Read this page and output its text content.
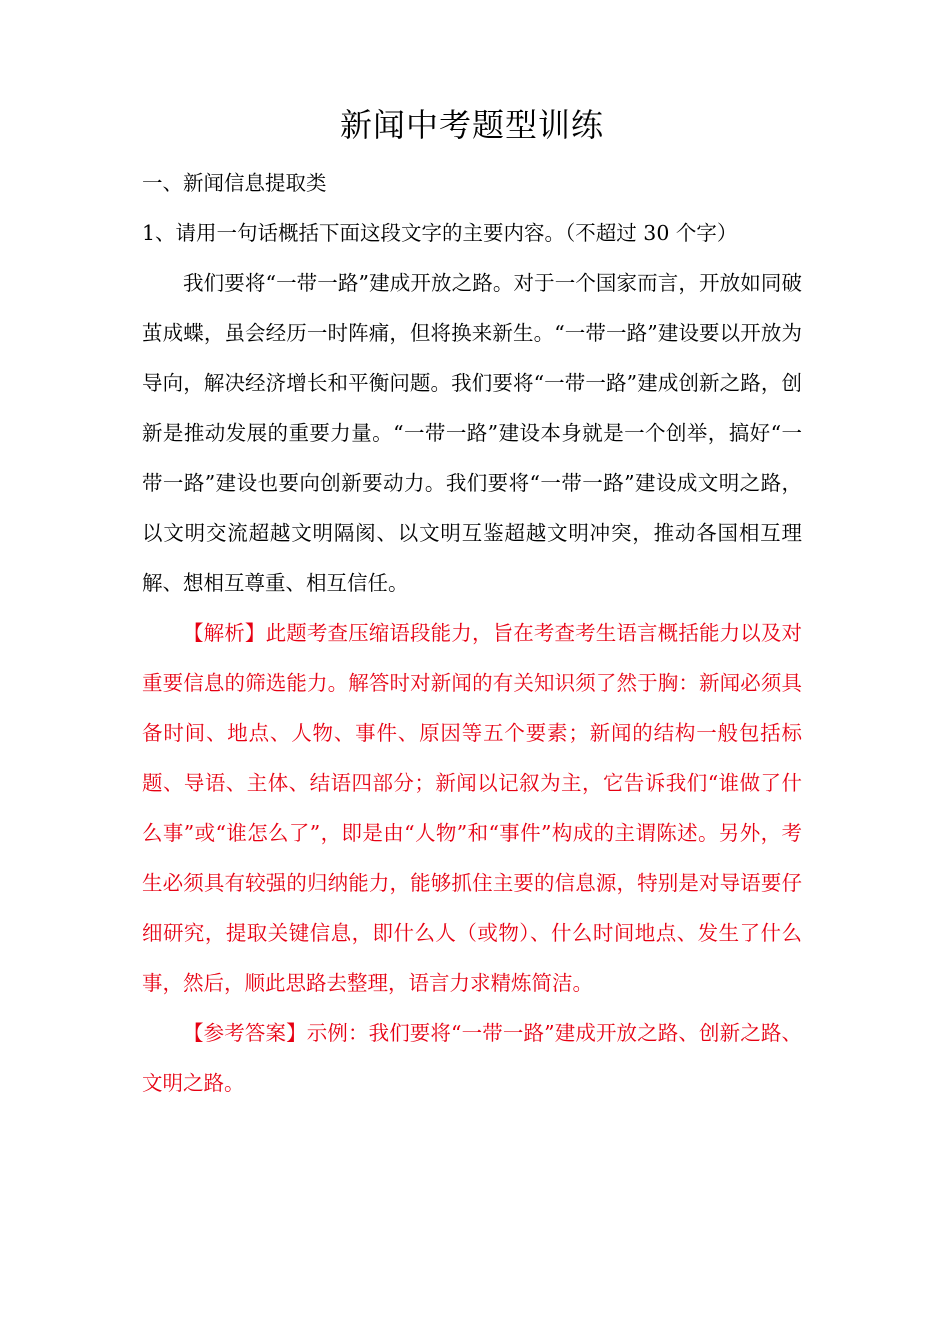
新闻中考题型训练

一、新闻信息提取类

1、请用一句话概括下面这段文字的主要内容。（不超过 30 个字）

我们要将“一带一路”建成开放之路。对于一个国家而言，开放如同破茧成蝶，虽会经历一时阵痛，但将换来新生。“一带一路”建设要以开放为导向，解决经济增长和平衡问题。我们要将“一带一路”建成创新之路，创新是推动发展的重要力量。“一带一路”建设本身就是一个创举，搞好“一带一路”建设也要向创新要动力。我们要将“一带一路”建设成文明之路，以文明交流超越文明隔阂、以文明互鉴超越文明冲突，推动各国相互理解、想相互尊重、相互信任。

【解析】此题考查压缩语段能力，旨在考查考生语言概括能力以及对重要信息的筛选能力。解答时对新闻的有关知识须了然于胸：新闻必须具备时间、地点、人物、事件、原因等五个要素；新闻的结构一般包括标题、导语、主体、结语四部分；新闻以记叙为主，它告诉我们“谁做了什么事”或“谁怎么了”，即是由“人物”和“事件”构成的主谓陈述。另外，考生必须具有较强的归纳能力，能够抓住主要的信息源，特别是对导语要仔细研究，提取关键信息，即什么人（或物）、什么时间地点、发生了什么事，然后，顺此思路去整理，语言力求精炼简洁。

【参考答案】示例：我们要将“一带一路”建成开放之路、创新之路、文明之路。
